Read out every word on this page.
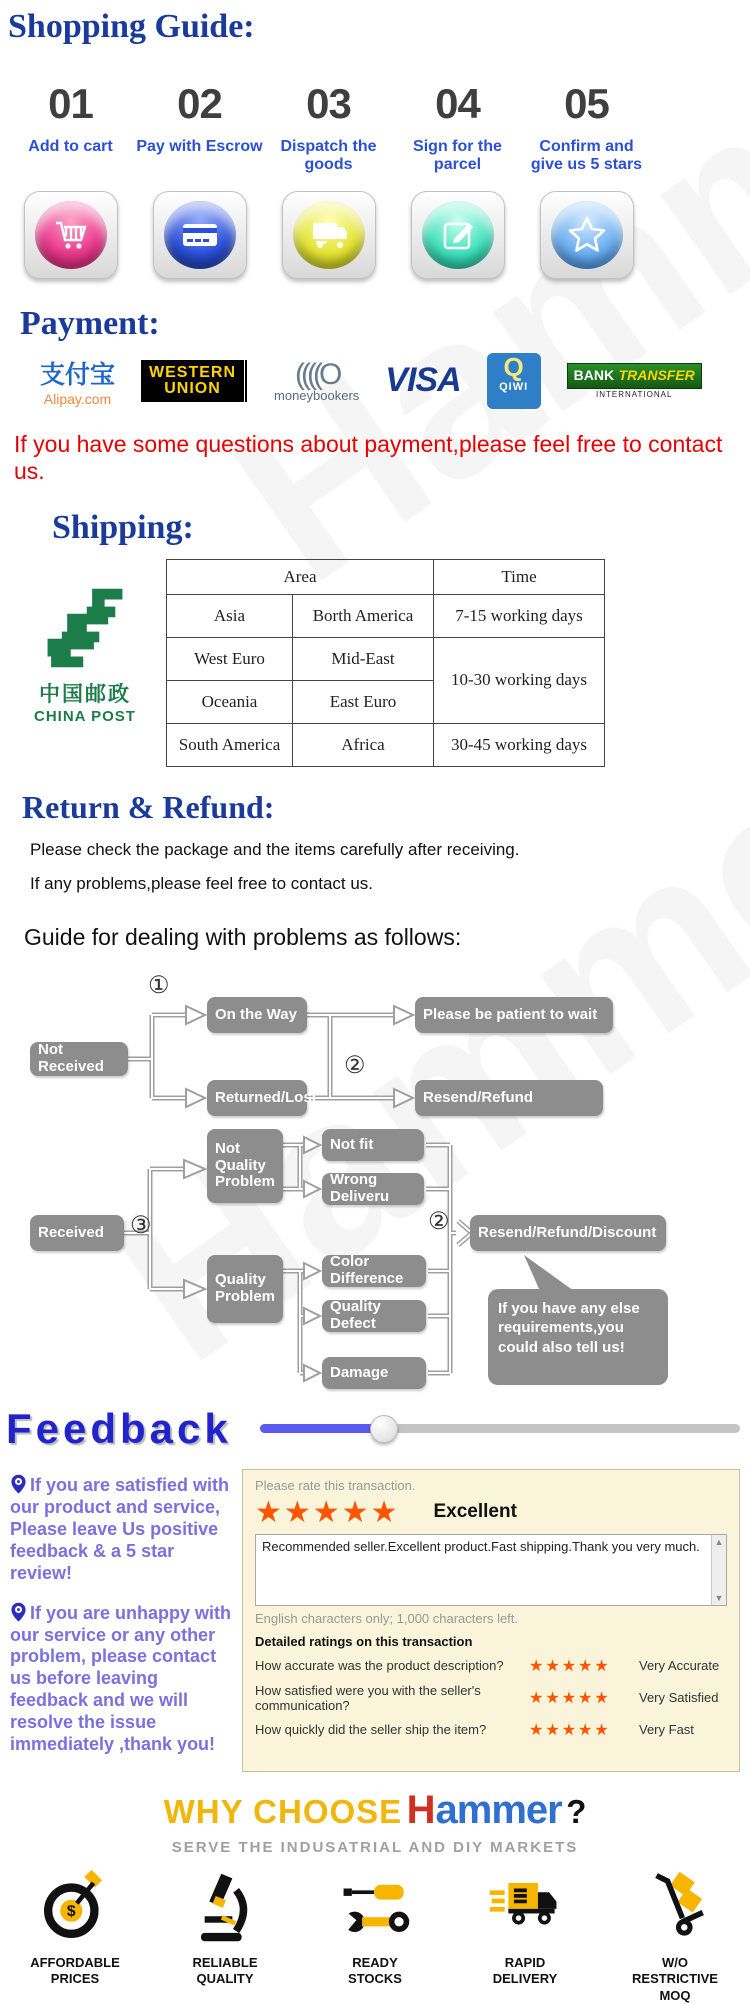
Shopping Guide:
01
Add to cart
02
Pay with Escrow
03
Dispatch the goods
04
Sign for the parcel
05
Confirm and give us 5 stars
Payment:
支付宝
Alipay.com
WESTERN
UNION	((((O
moneybookers VISA	Q
QIWI
BANK TRANSFER
INTERNATIONAL
If you have some questions about payment,please feel free to contact us.
Shipping:
中国邮政
CHINA POST
Area		Time
Asia	Borth America	7-15 working days
West Euro	Mid-East	10-30 working days
Oceania	East Euro	
South America	Africa	30-45 working days
Return & Refund:
Please check the package and the items carefully after receiving.
If any problems,please feel free to contact us.
Guide for dealing with problems as follows:
①
②
③	②
Not Received
On the Way	Please be patient to wait
Returned/Lost	Resend/Refund
Not Quality Problem
Not fit
Wrong Deliveru
Received	Resend/Refund/Discount
Quality Problem
Color Difference
Quality Defect
Damage
If you have any else requirements,you could also tell us!
Feedback
If you are satisfied with our product and service, Please leave Us positive feedback & a 5 star review!
If you are unhappy with our service or any other problem, please contact us before leaving feedback and we will resolve the issue immediately ,thank you!
Please rate this transaction.
★★★★★ Excellent
Recommended seller.Excellent product.Fast shipping.Thank you very much. ▲
▼
English characters only; 1,000 characters left.
Detailed ratings on this transaction
How accurate was the product description?	★★★★★	Very Accurate
How satisfied were you with the seller's communication?	★★★★★	Very Satisfied
How quickly did the seller ship the item?	★★★★★	Very Fast
WHY CHOOSE Hammer ?
SERVE THE INDUSATRIAL AND DIY MARKETS
$
AFFORDABLE
PRICES
RELIABLE
QUALITY
READY
STOCKS
RAPID
DELIVERY
W/O
RESTRICTIVE
MOQ
